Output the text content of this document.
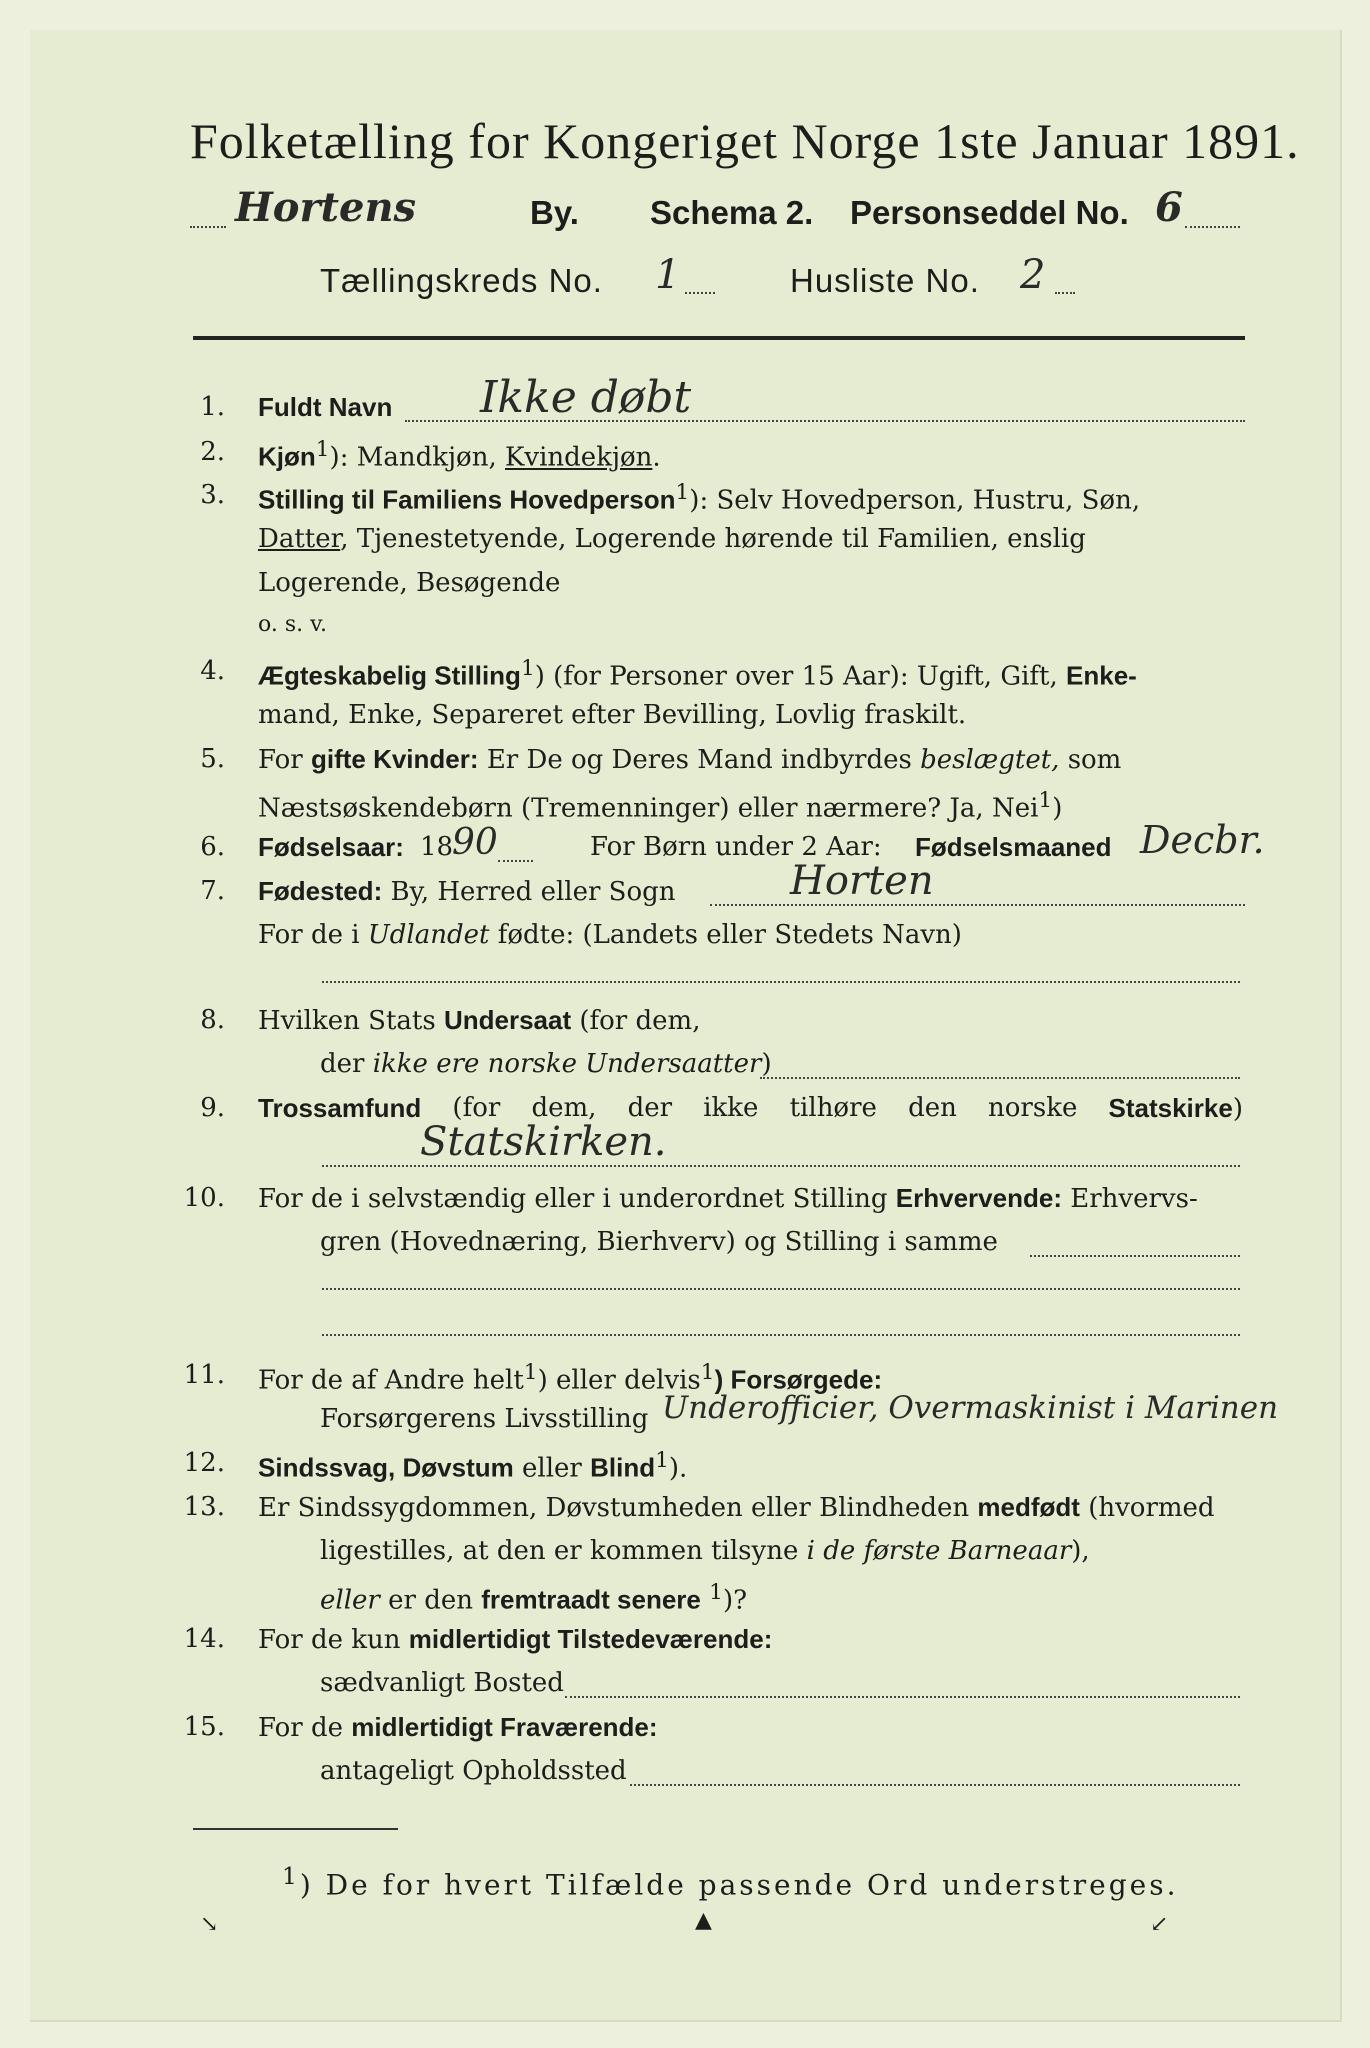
Folketælling for Kongeriget Norge 1ste Januar 1891.
Hortens	By. Schema 2. Personseddel No. 6
Tællingskreds No. 1	Husliste No. 2
1. Fuldt Navn Ikke døbt
2. Kjøn$^1$): Mandkjøn, Kvindekjøn.
3. Stilling til Familiens Hovedperson$^1$): Selv Hovedperson, Hustru, Søn,
Datter, Tjenestetyende, Logerende hørende til Familien, enslig
Logerende, Besøgende
o. s. v.
4. Ægteskabelig Stilling$^1$) (for Personer over 15 Aar): Ugift, Gift, Enke-
mand, Enke, Separeret efter Bevilling, Lovlig fraskilt.
5. For gifte Kvinder: Er De og Deres Mand indbyrdes beslægtet, som
Næstsøskendebørn (Tremenninger) eller nærmere? Ja, Nei$^1$)
6. Fødselsaar: 18
90	For Børn under 2 Aar: Fødselsmaaned Decbr.
7. Fødested: By, Herred eller Sogn	Horten
For de i Udlandet fødte: (Landets eller Stedets Navn)
8. Hvilken Stats Undersaat (for dem,
der ikke ere norske Undersaatter)
9. Trossamfund (for dem, der ikke tilhøre den norske Statskirke)
Statskirken.
10. For de i selvstændig eller i underordnet Stilling Erhvervende: Erhvervs-
gren (Hovednæring, Bierhverv) og Stilling i samme
11. For de af Andre helt$^1$) eller delvis$^1$) Forsørgede:
Forsørgerens Livsstilling Underofficier, Overmaskinist i Marinen
12. Sindssvag, Døvstum eller Blind$^1$).
13. Er Sindssygdommen, Døvstumheden eller Blindheden medfødt (hvormed
ligestilles, at den er kommen tilsyne i de første Barneaar),
eller er den fremtraadt senere $^1$)?
14. For de kun midlertidigt Tilstedeværende:
sædvanligt Bosted
15. For de midlertidigt Fraværende:
antageligt Opholdssted
$^1$) De for hvert Tilfælde passende Ord understreges.
↘	▲	↙
